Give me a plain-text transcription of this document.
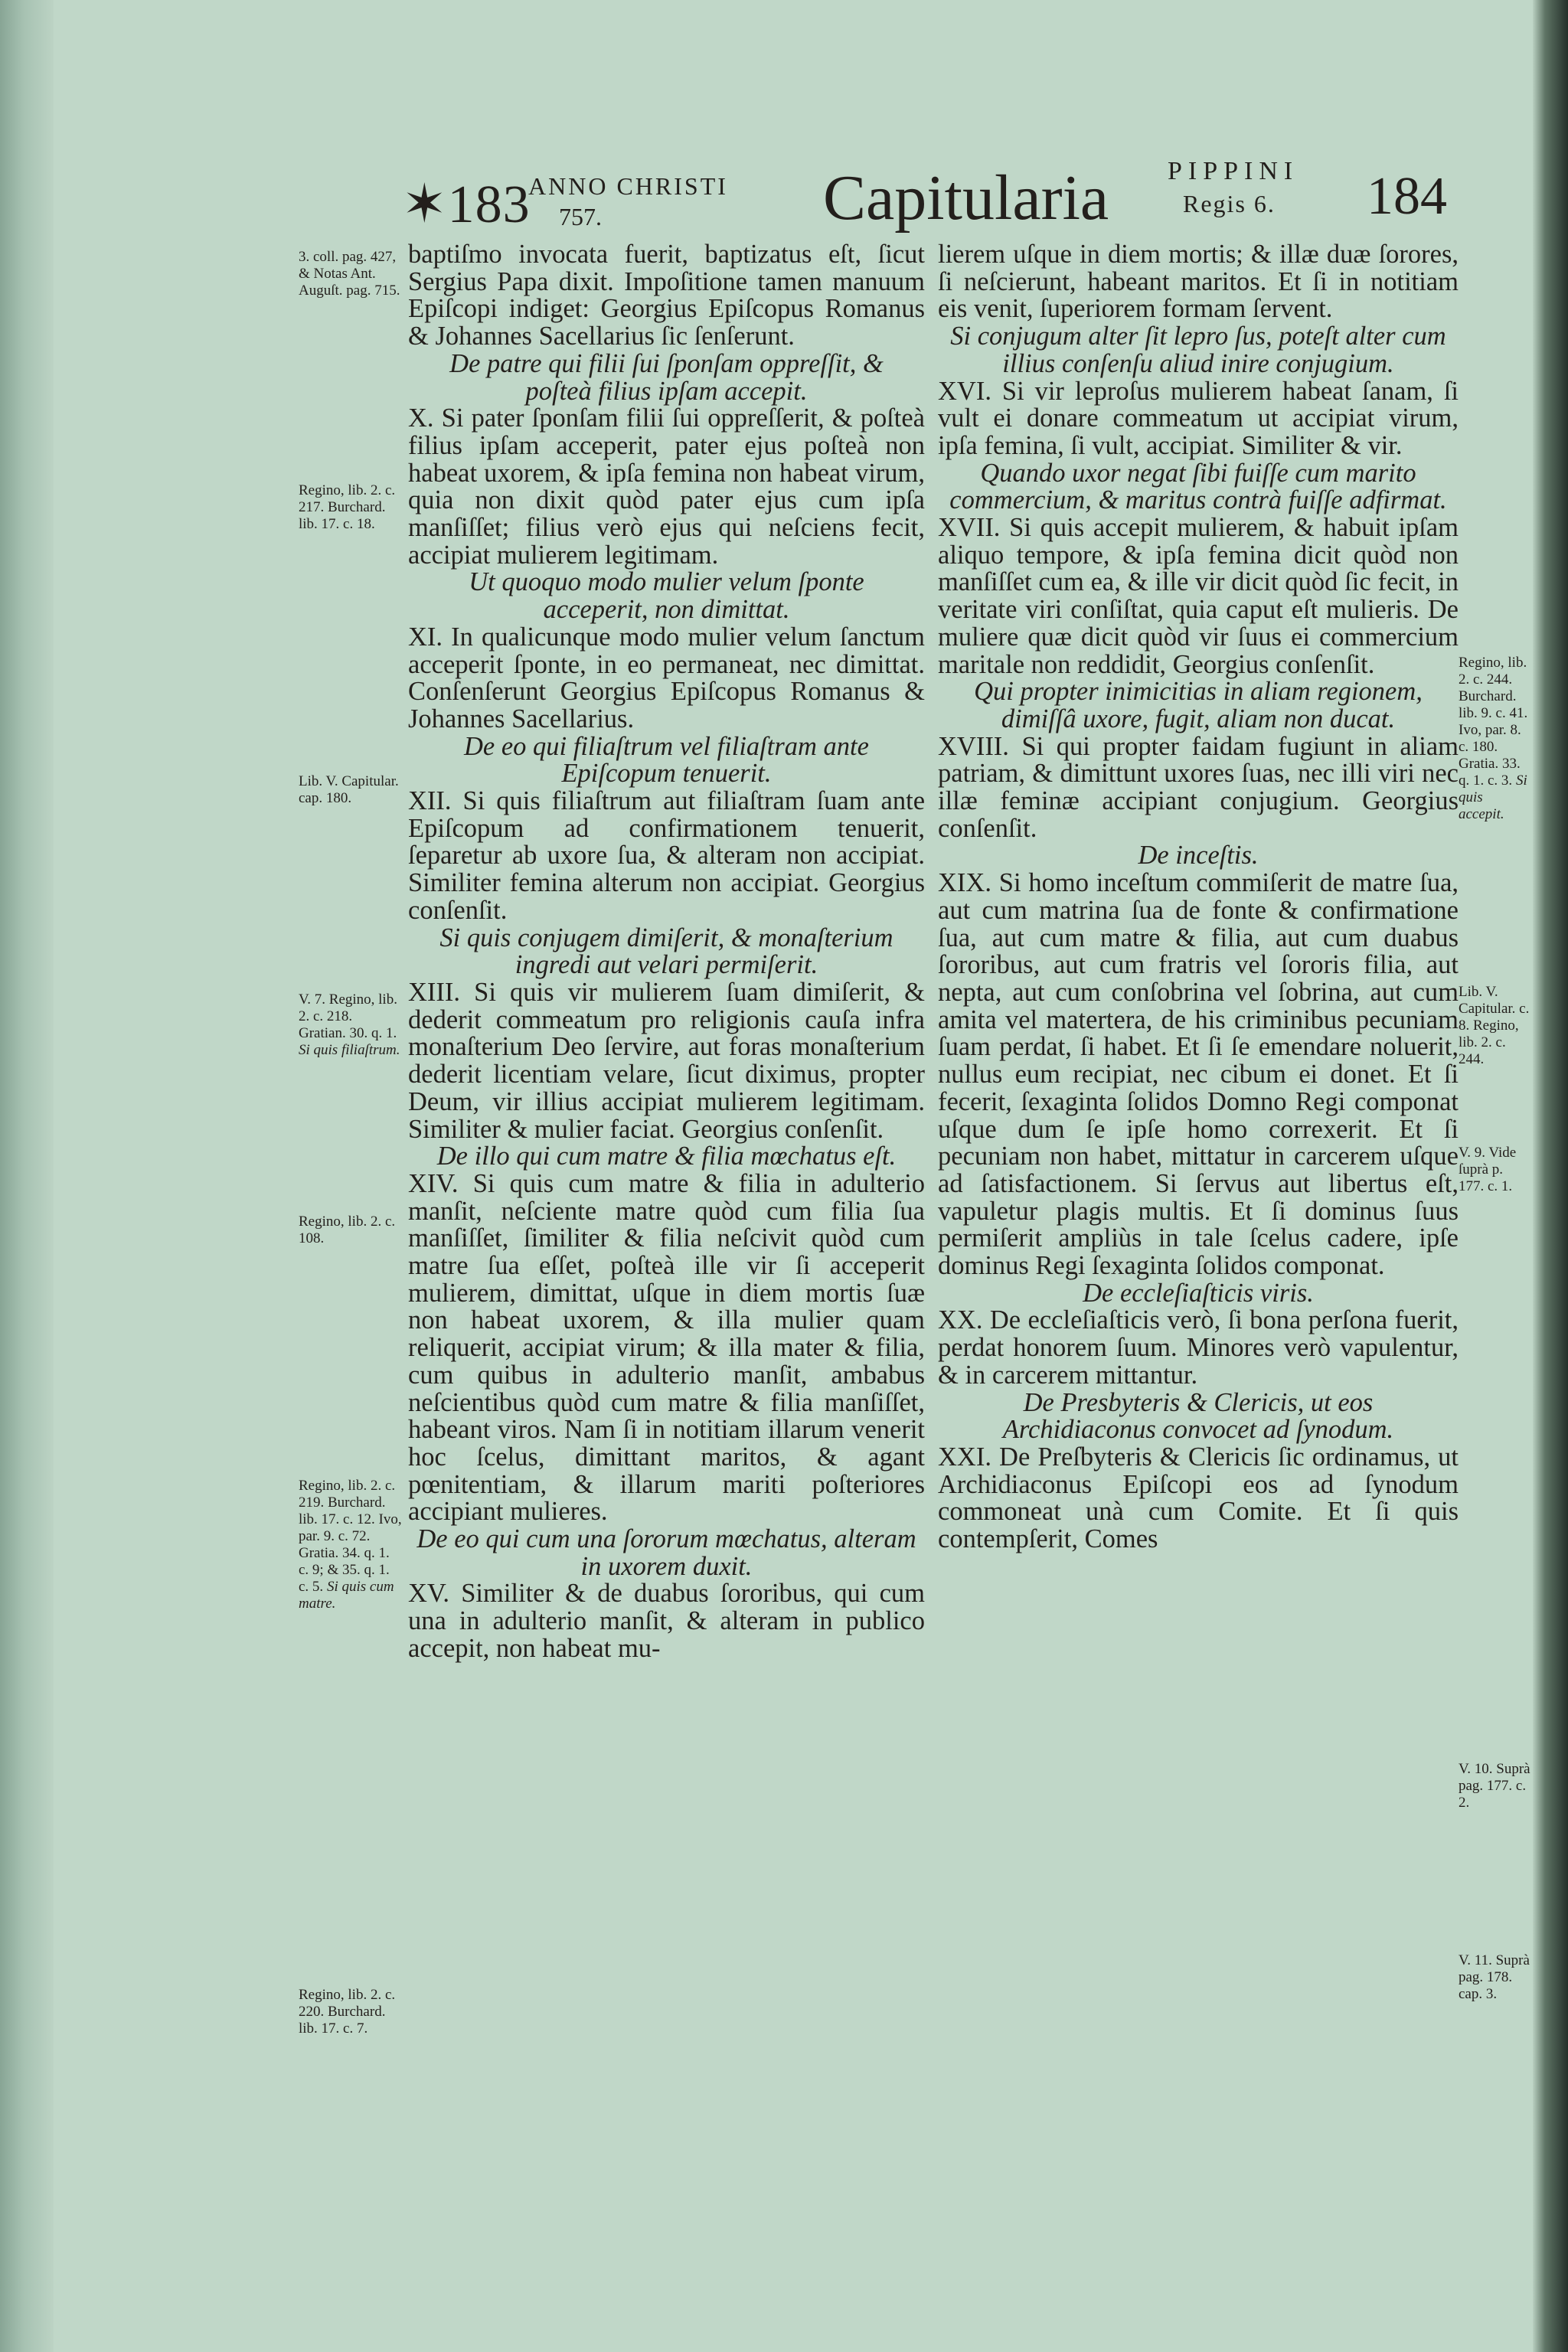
✶183
ANNO CHRISTI
757.	Capitularia PIPPINI
Regis 6. 184
baptiſmo invocata fuerit, baptizatus eſt, ſicut Sergius Papa dixit. Impoſitione tamen manuum Epiſcopi indiget: Georgius Epiſcopus Romanus & Johannes Sacellarius ſic ſenſerunt.
De patre qui filii ſui ſponſam oppreſſit, & poſteà filius ipſam accepit.
X. Si pater ſponſam filii ſui oppreſſerit, & poſteà filius ipſam acceperit, pater ejus poſteà non habeat uxorem, & ipſa femina non habeat virum, quia non dixit quòd pater ejus cum ipſa manſiſſet; filius verò ejus qui neſciens fecit, accipiat mulierem legitimam.
Ut quoquo modo mulier velum ſponte acceperit, non dimittat.
XI. In qualicunque modo mulier velum ſanctum acceperit ſponte, in eo permaneat, nec dimittat. Conſenſerunt Georgius Epiſcopus Romanus & Johannes Sacellarius.
De eo qui filiaſtrum vel filiaſtram ante Epiſcopum tenuerit.
XII. Si quis filiaſtrum aut filiaſtram ſuam ante Epiſcopum ad confirmationem tenuerit, ſeparetur ab uxore ſua, & alteram non accipiat. Similiter femina alterum non accipiat. Georgius conſenſit.
Si quis conjugem dimiſerit, & monaſterium ingredi aut velari permiſerit.
XIII. Si quis vir mulierem ſuam dimiſerit, & dederit commeatum pro religionis cauſa infra monaſterium Deo ſervire, aut foras monaſterium dederit licentiam velare, ſicut diximus, propter Deum, vir illius accipiat mulierem legitimam. Similiter & mulier faciat. Georgius conſenſit.
De illo qui cum matre & filia mœchatus eſt.
XIV. Si quis cum matre & filia in adulterio manſit, neſciente matre quòd cum filia ſua manſiſſet, ſimiliter & filia neſcivit quòd cum matre ſua eſſet, poſteà ille vir ſi acceperit mulierem, dimittat, uſque in diem mortis ſuæ non habeat uxorem, & illa mulier quam reliquerit, accipiat virum; & illa mater & filia, cum quibus in adulterio manſit, ambabus neſcientibus quòd cum matre & filia manſiſſet, habeant viros. Nam ſi in notitiam illarum venerit hoc ſcelus, dimittant maritos, & agant pœnitentiam, & illarum mariti poſteriores accipiant mulieres.
De eo qui cum una ſororum mœchatus, alteram in uxorem duxit.
XV. Similiter & de duabus ſororibus, qui cum una in adulterio manſit, & alteram in publico accepit, non habeat mu-
lierem uſque in diem mortis; & illæ duæ ſorores, ſi neſcierunt, habeant maritos. Et ſi in notitiam eis venit, ſuperiorem formam ſervent.
Si conjugum alter ſit lepro ſus, poteſt alter cum illius conſenſu aliud inire conjugium.
XVI. Si vir leproſus mulierem habeat ſanam, ſi vult ei donare commeatum ut accipiat virum, ipſa femina, ſi vult, accipiat. Similiter & vir.
Quando uxor negat ſibi fuiſſe cum marito commercium, & maritus contrà fuiſſe adfirmat.
XVII. Si quis accepit mulierem, & habuit ipſam aliquo tempore, & ipſa femina dicit quòd non manſiſſet cum ea, & ille vir dicit quòd ſic fecit, in veritate viri conſiſtat, quia caput eſt mulieris. De muliere quæ dicit quòd vir ſuus ei commercium maritale non reddidit, Georgius conſenſit.
Qui propter inimicitias in aliam regionem, dimiſſâ uxore, fugit, aliam non ducat.
XVIII. Si qui propter faidam fugiunt in aliam patriam, & dimittunt uxores ſuas, nec illi viri nec illæ feminæ accipiant conjugium. Georgius conſenſit.
De inceſtis.
XIX. Si homo inceſtum commiſerit de matre ſua, aut cum matrina ſua de fonte & confirmatione ſua, aut cum matre & filia, aut cum duabus ſororibus, aut cum fratris vel ſororis filia, aut nepta, aut cum conſobrina vel ſobrina, aut cum amita vel matertera, de his criminibus pecuniam ſuam perdat, ſi habet. Et ſi ſe emendare noluerit, nullus eum recipiat, nec cibum ei donet. Et ſi fecerit, ſexaginta ſolidos Domno Regi componat uſque dum ſe ipſe homo correxerit. Et ſi pecuniam non habet, mittatur in carcerem uſque ad ſatisfactionem. Si ſervus aut libertus eſt, vapuletur plagis multis. Et ſi dominus ſuus permiſerit ampliùs in tale ſcelus cadere, ipſe dominus Regi ſexaginta ſolidos componat.
De eccleſiaſticis viris.
XX. De eccleſiaſticis verò, ſi bona perſona fuerit, perdat honorem ſuum. Minores verò vapulentur, & in carcerem mittantur.
De Presbyteris & Clericis, ut eos Archidiaconus convocet ad ſynodum.
XXI. De Preſbyteris & Clericis ſic ordinamus, ut Archidiaconus Epiſcopi eos ad ſynodum commoneat unà cum Comite. Et ſi quis contempſerit, Comes
3. coll. pag. 427, & Notas Ant. Auguſt. pag. 715.
Regino, lib. 2. c. 217. Burchard. lib. 17. c. 18.
Lib. V. Capitular. cap. 180.
V. 7. Regino, lib. 2. c. 218. Gratian. 30. q. 1. Si quis filiaſtrum.
Regino, lib. 2. c. 108.
Regino, lib. 2. c. 219. Burchard. lib. 17. c. 12. Ivo, par. 9. c. 72. Gratia. 34. q. 1. c. 9; & 35. q. 1. c. 5. Si quis cum matre.
Regino, lib. 2. c. 220. Burchard. lib. 17. c. 7.
Regino, lib. 2. c. 244. Burchard. lib. 9. c. 41. Ivo, par. 8. c. 180. Gratia. 33. q. 1. c. 3. Si quis accepit.
Lib. V. Capitular. c. 8. Regino, lib. 2. c. 244.
V. 9. Vide ſuprà p. 177. c. 1.
V. 10. Suprà pag. 177. c. 2.
V. 11. Suprà pag. 178. cap. 3.
